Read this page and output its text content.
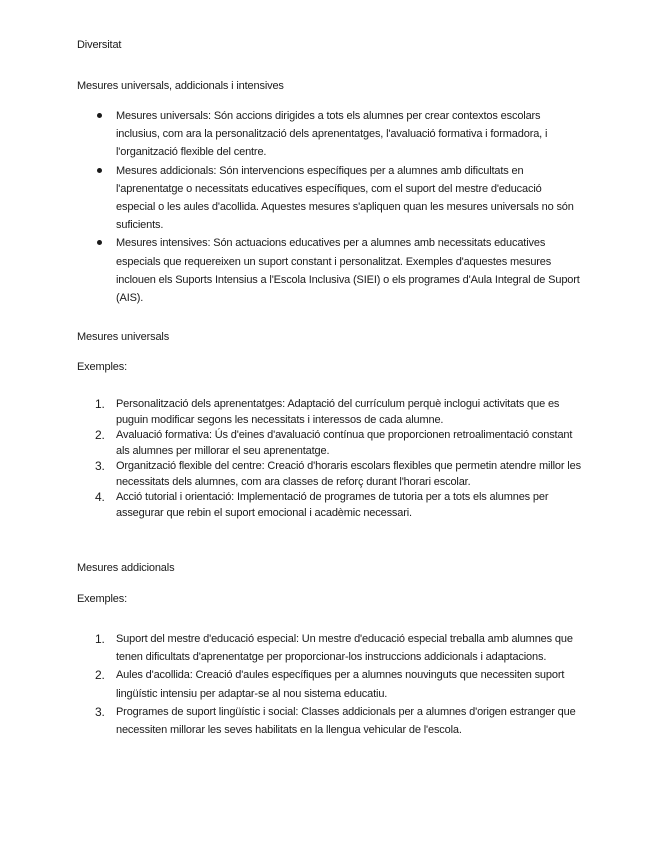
Diversitat

Mesures universals, addicionals i intensives

Mesures universals: Són accions dirigides a tots els alumnes per crear contextos escolars inclusius, com ara la personalització dels aprenentatges, l'avaluació formativa i formadora, i l'organització flexible del centre.
Mesures addicionals: Són intervencions específiques per a alumnes amb dificultats en l'aprenentatge o necessitats educatives específiques, com el suport del mestre d'educació especial o les aules d'acollida. Aquestes mesures s'apliquen quan les mesures universals no són suficients.
Mesures intensives: Són actuacions educatives per a alumnes amb necessitats educatives especials que requereixen un suport constant i personalitzat. Exemples d'aquestes mesures inclouen els Suports Intensius a l'Escola Inclusiva (SIEI) o els programes d'Aula Integral de Suport (AIS).

Mesures universals

Exemples:

1. Personalització dels aprenentatges: Adaptació del currículum perquè inclogui activitats que es puguin modificar segons les necessitats i interessos de cada alumne.
2. Avaluació formativa: Ús d'eines d'avaluació contínua que proporcionen retroalimentació constant als alumnes per millorar el seu aprenentatge.
3. Organització flexible del centre: Creació d'horaris escolars flexibles que permetin atendre millor les necessitats dels alumnes, com ara classes de reforç durant l'horari escolar.
4. Acció tutorial i orientació: Implementació de programes de tutoria per a tots els alumnes per assegurar que rebin el suport emocional i acadèmic necessari.

Mesures addicionals

Exemples:

1. Suport del mestre d'educació especial: Un mestre d'educació especial treballa amb alumnes que tenen dificultats d'aprenentatge per proporcionar-los instruccions addicionals i adaptacions.
2. Aules d'acollida: Creació d'aules específiques per a alumnes nouvinguts que necessiten suport lingüístic intensiu per adaptar-se al nou sistema educatiu.
3. Programes de suport lingüístic i social: Classes addicionals per a alumnes d'origen estranger que necessiten millorar les seves habilitats en la llengua vehicular de l'escola.
